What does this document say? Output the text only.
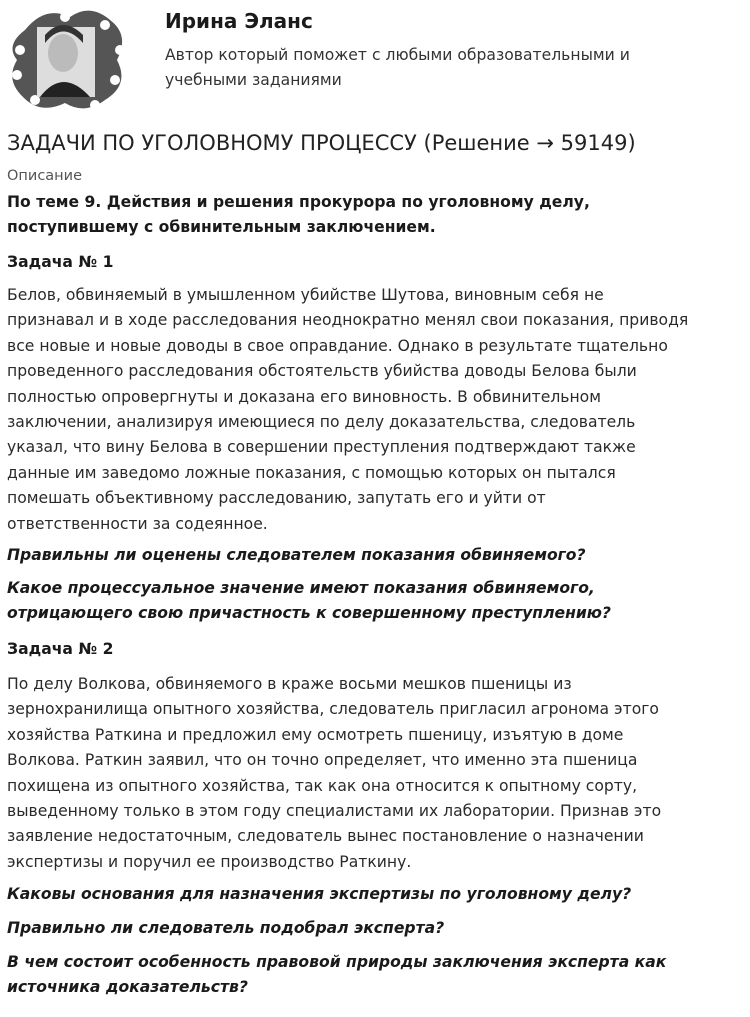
Ирина Эланс
Автор который поможет с любыми образовательными и
учебными заданиями
ЗАДАЧИ ПО УГОЛОВНОМУ ПРОЦЕССУ (Решение → 59149)
Описание
По теме 9. Действия и решения прокурора по уголовному делу,
поступившему с обвинительным заключением.
Задача № 1
Белов, обвиняемый в умышленном убийстве Шутова, виновным себя не
признавал и в ходе расследования неоднократно менял свои показания, приводя
все новые и новые доводы в свое оправдание. Однако в результате тщательно
проведенного расследования обстоятельств убийства доводы Белова были
полностью опровергнуты и доказана его виновность. В обвинительном
заключении, анализируя имеющиеся по делу доказательства, следователь
указал, что вину Белова в совершении преступления подтверждают также
данные им заведомо ложные показания, с помощью которых он пытался
помешать объективному расследованию, запутать его и уйти от
ответственности за содеянное.
Правильны ли оценены следователем показания обвиняемого?
Какое процессуальное значение имеют показания обвиняемого,
отрицающего свою причастность к совершенному преступлению?
Задача № 2
По делу Волкова, обвиняемого в краже восьми мешков пшеницы из
зернохранилища опытного хозяйства, следователь пригласил агронома этого
хозяйства Раткина и предложил ему осмотреть пшеницу, изъятую в доме
Волкова. Раткин заявил, что он точно определяет, что именно эта пшеница
похищена из опытного хозяйства, так как она относится к опытному сорту,
выведенному только в этом году специалистами их лаборатории. Признав это
заявление недостаточным, следователь вынес постановление о назначении
экспертизы и поручил ее производство Раткину.
Каковы основания для назначения экспертизы по уголовному делу?
Правильно ли следователь подобрал эксперта?
В чем состоит особенность правовой природы заключения эксперта как
источника доказательств?
